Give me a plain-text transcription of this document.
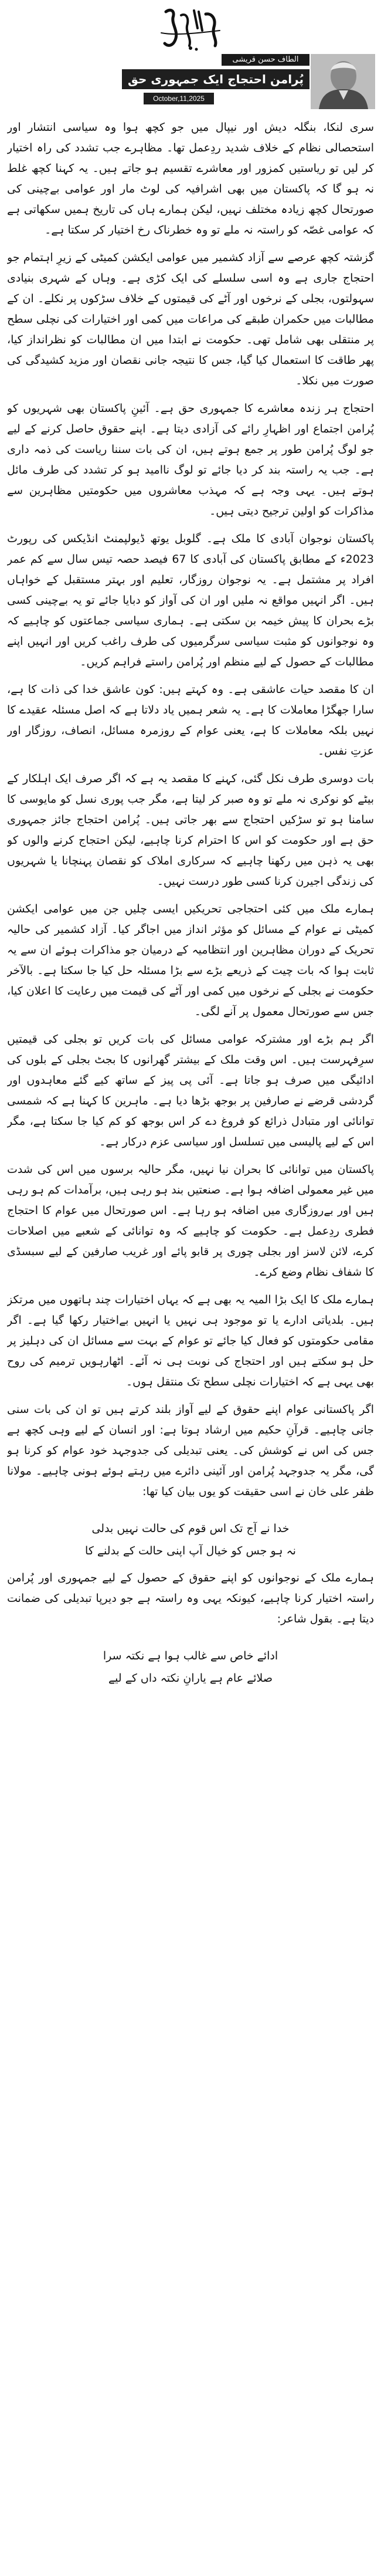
الطاف حسن قریشی
پُرامن احتجاج ایک جمہوری حق
October,11,2025

سری لنکا، بنگلہ دیش اور نیپال میں جو کچھ ہوا وہ سیاسی انتشار اور استحصالی نظام کے خلاف شدید ردِعمل تھا۔ مظاہرے جب تشدد کی راہ اختیار کر لیں تو ریاستیں کمزور اور معاشرے تقسیم ہو جاتے ہیں۔ یہ کہنا کچھ غلط نہ ہو گا کہ پاکستان میں بھی اشرافیہ کی لوٹ مار اور عوامی بےچینی کی صورتحال کچھ زیادہ مختلف نہیں، لیکن ہمارے ہاں کی تاریخ ہمیں سکھاتی ہے کہ عوامی غصّہ کو راستہ نہ ملے تو وہ خطرناک رخ اختیار کر سکتا ہے۔

گزشتہ کچھ عرصے سے آزاد کشمیر میں عوامی ایکشن کمیٹی کے زیرِ اہتمام جو احتجاج جاری ہے وہ اسی سلسلے کی ایک کڑی ہے۔ وہاں کے شہری بنیادی سہولتوں، بجلی کے نرخوں اور آٹے کی قیمتوں کے خلاف سڑکوں پر نکلے۔ ان کے مطالبات میں حکمران طبقے کی مراعات میں کمی اور اختیارات کی نچلی سطح پر منتقلی بھی شامل تھی۔ حکومت نے ابتدا میں ان مطالبات کو نظرانداز کیا، پھر طاقت کا استعمال کیا گیا، جس کا نتیجہ جانی نقصان اور مزید کشیدگی کی صورت میں نکلا۔

احتجاج ہر زندہ معاشرے کا جمہوری حق ہے۔ آئینِ پاکستان بھی شہریوں کو پُرامن اجتماع اور اظہارِ رائے کی آزادی دیتا ہے۔ اپنے حقوق حاصل کرنے کے لیے جو لوگ پُرامن طور پر جمع ہوتے ہیں، ان کی بات سننا ریاست کی ذمہ داری ہے۔ جب یہ راستہ بند کر دیا جائے تو لوگ ناامید ہو کر تشدد کی طرف مائل ہوتے ہیں۔ یہی وجہ ہے کہ مہذب معاشروں میں حکومتیں مظاہرین سے مذاکرات کو اولین ترجیح دیتی ہیں۔

پاکستان نوجوان آبادی کا ملک ہے۔ گلوبل یوتھ ڈیولپمنٹ انڈیکس کی رپورٹ 2023ء کے مطابق پاکستان کی آبادی کا 67 فیصد حصہ تیس سال سے کم عمر افراد پر مشتمل ہے۔ یہ نوجوان روزگار، تعلیم اور بہتر مستقبل کے خواہاں ہیں۔ اگر انہیں مواقع نہ ملیں اور ان کی آواز کو دبایا جائے تو یہ بےچینی کسی بڑے بحران کا پیش خیمہ بن سکتی ہے۔ ہماری سیاسی جماعتوں کو چاہیے کہ وہ نوجوانوں کو مثبت سیاسی سرگرمیوں کی طرف راغب کریں اور انہیں اپنے مطالبات کے حصول کے لیے منظم اور پُرامن راستے فراہم کریں۔

ان کا مقصد حیات عاشقی ہے۔ وہ کہتے ہیں: کون عاشق خدا کی ذات کا ہے، سارا جھگڑا معاملات کا ہے۔ یہ شعر ہمیں یاد دلاتا ہے کہ اصل مسئلہ عقیدے کا نہیں بلکہ معاملات کا ہے، یعنی عوام کے روزمرہ مسائل، انصاف، روزگار اور عزتِ نفس۔

بات دوسری طرف نکل گئی، کہنے کا مقصد یہ ہے کہ اگر صرف ایک اہلکار کے بیٹے کو نوکری نہ ملے تو وہ صبر کر لیتا ہے، مگر جب پوری نسل کو مایوسی کا سامنا ہو تو سڑکیں احتجاج سے بھر جاتی ہیں۔ پُرامن احتجاج جائز جمہوری حق ہے اور حکومت کو اس کا احترام کرنا چاہیے، لیکن احتجاج کرنے والوں کو بھی یہ ذہن میں رکھنا چاہیے کہ سرکاری املاک کو نقصان پہنچانا یا شہریوں کی زندگی اجیرن کرنا کسی طور درست نہیں۔

ہمارے ملک میں کئی احتجاجی تحریکیں ایسی چلیں جن میں عوامی ایکشن کمیٹی نے عوام کے مسائل کو مؤثر انداز میں اجاگر کیا۔ آزاد کشمیر کی حالیہ تحریک کے دوران مظاہرین اور انتظامیہ کے درمیان جو مذاکرات ہوئے ان سے یہ ثابت ہوا کہ بات چیت کے ذریعے بڑے سے بڑا مسئلہ حل کیا جا سکتا ہے۔ بالآخر حکومت نے بجلی کے نرخوں میں کمی اور آٹے کی قیمت میں رعایت کا اعلان کیا، جس سے صورتحال معمول پر آنے لگی۔

اگر ہم بڑے اور مشترکہ عوامی مسائل کی بات کریں تو بجلی کی قیمتیں سرِفہرست ہیں۔ اس وقت ملک کے بیشتر گھرانوں کا بجٹ بجلی کے بلوں کی ادائیگی میں صرف ہو جاتا ہے۔ آئی پی پیز کے ساتھ کیے گئے معاہدوں اور گردشی قرضے نے صارفین پر بوجھ بڑھا دیا ہے۔ ماہرین کا کہنا ہے کہ شمسی توانائی اور متبادل ذرائع کو فروغ دے کر اس بوجھ کو کم کیا جا سکتا ہے، مگر اس کے لیے پالیسی میں تسلسل اور سیاسی عزم درکار ہے۔

پاکستان میں توانائی کا بحران نیا نہیں، مگر حالیہ برسوں میں اس کی شدت میں غیر معمولی اضافہ ہوا ہے۔ صنعتیں بند ہو رہی ہیں، برآمدات کم ہو رہی ہیں اور بےروزگاری میں اضافہ ہو رہا ہے۔ اس صورتحال میں عوام کا احتجاج فطری ردِعمل ہے۔ حکومت کو چاہیے کہ وہ توانائی کے شعبے میں اصلاحات کرے، لائن لاسز اور بجلی چوری پر قابو پائے اور غریب صارفین کے لیے سبسڈی کا شفاف نظام وضع کرے۔

ہمارے ملک کا ایک بڑا المیہ یہ بھی ہے کہ یہاں اختیارات چند ہاتھوں میں مرتکز ہیں۔ بلدیاتی ادارے یا تو موجود ہی نہیں یا انہیں بےاختیار رکھا گیا ہے۔ اگر مقامی حکومتوں کو فعال کیا جائے تو عوام کے بہت سے مسائل ان کی دہلیز پر حل ہو سکتے ہیں اور احتجاج کی نوبت ہی نہ آئے۔ اٹھارہویں ترمیم کی روح بھی یہی ہے کہ اختیارات نچلی سطح تک منتقل ہوں۔

اگر پاکستانی عوام اپنے حقوق کے لیے آواز بلند کرتے ہیں تو ان کی بات سنی جانی چاہیے۔ قرآنِ حکیم میں ارشاد ہوتا ہے: اور انسان کے لیے وہی کچھ ہے جس کی اس نے کوشش کی۔ یعنی تبدیلی کی جدوجہد خود عوام کو کرنا ہو گی، مگر یہ جدوجہد پُرامن اور آئینی دائرے میں رہتے ہوئے ہونی چاہیے۔ مولانا ظفر علی خان نے اسی حقیقت کو یوں بیان کیا تھا:

خدا نے آج تک اس قوم کی حالت نہیں بدلی
نہ ہو جس کو خیال آپ اپنی حالت کے بدلنے کا

ہمارے ملک کے نوجوانوں کو اپنے حقوق کے حصول کے لیے جمہوری اور پُرامن راستہ اختیار کرنا چاہیے، کیونکہ یہی وہ راستہ ہے جو دیرپا تبدیلی کی ضمانت دیتا ہے۔ بقول شاعر:

ادائے خاص سے غالب ہوا ہے نکتہ سرا
صلائے عام ہے یارانِ نکتہ داں کے لیے
